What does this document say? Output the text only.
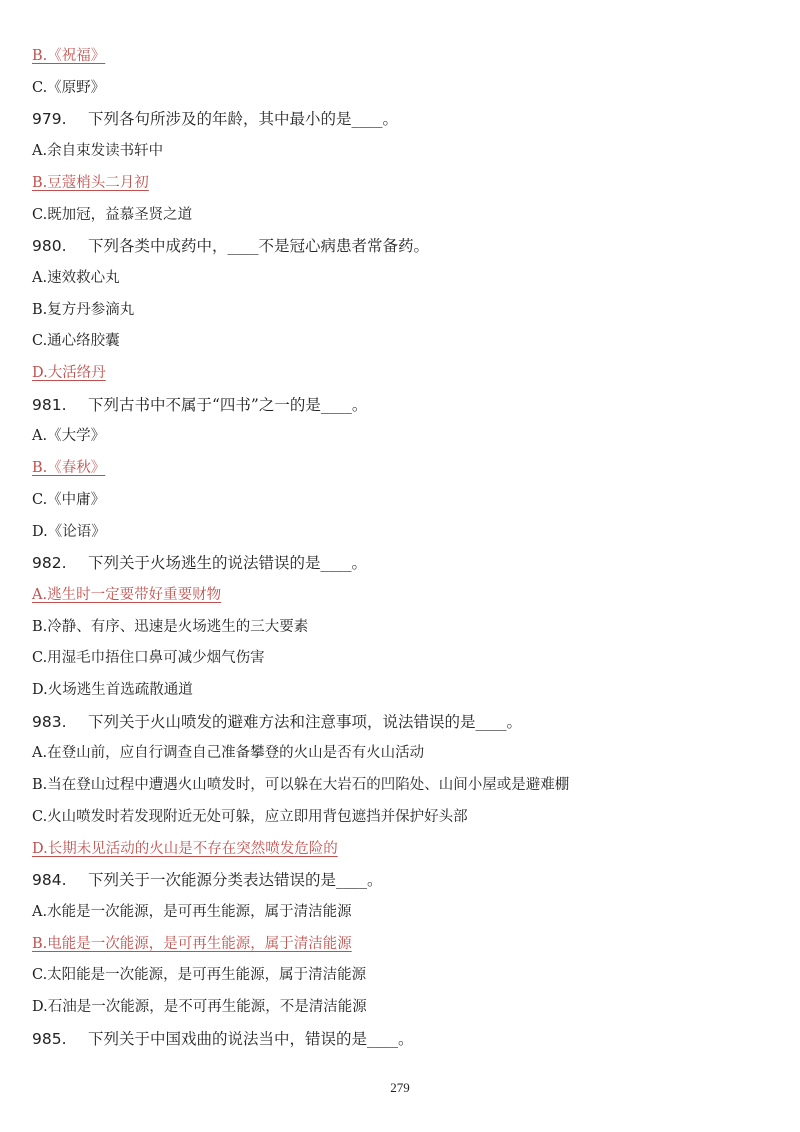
B.《祝福》
C.《原野》
979. 下列各句所涉及的年龄，其中最小的是____。
A.余自束发读书轩中
B.豆蔻梢头二月初
C.既加冠，益慕圣贤之道
980. 下列各类中成药中，____不是冠心病患者常备药。
A.速效救心丸
B.复方丹参滴丸
C.通心络胶囊
D.大活络丹
981. 下列古书中不属于“四书”之一的是____。
A.《大学》
B.《春秋》
C.《中庸》
D.《论语》
982. 下列关于火场逃生的说法错误的是____。
A.逃生时一定要带好重要财物
B.冷静、有序、迅速是火场逃生的三大要素
C.用湿毛巾捂住口鼻可减少烟气伤害
D.火场逃生首选疏散通道
983. 下列关于火山喷发的避难方法和注意事项，说法错误的是____。
A.在登山前，应自行调查自己准备攀登的火山是否有火山活动
B.当在登山过程中遭遇火山喷发时，可以躲在大岩石的凹陷处、山间小屋或是避难棚
C.火山喷发时若发现附近无处可躲，应立即用背包遮挡并保护好头部
D.长期未见活动的火山是不存在突然喷发危险的
984. 下列关于一次能源分类表达错误的是____。
A.水能是一次能源，是可再生能源，属于清洁能源
B.电能是一次能源，是可再生能源，属于清洁能源
C.太阳能是一次能源，是可再生能源，属于清洁能源
D.石油是一次能源，是不可再生能源，不是清洁能源
985. 下列关于中国戏曲的说法当中，错误的是____。
279
